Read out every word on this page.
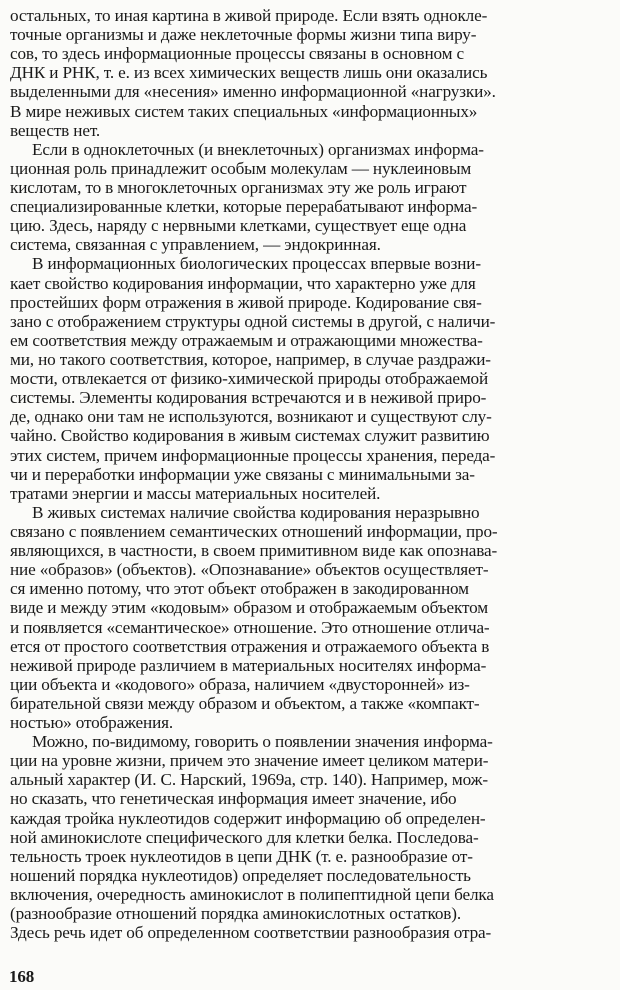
остальных, то иная картина в живой природе. Если взять однокле-
точные организмы и даже неклеточные формы жизни типа виру-
сов, то здесь информационные процессы связаны в основном с
ДНК и РНК, т. е. из всех химических веществ лишь они оказались
выделенными для «несения» именно информационной «нагрузки».
В мире неживых систем таких специальных «информационных»
веществ нет.
Если в одноклеточных (и внеклеточных) организмах информа-
ционная роль принадлежит особым молекулам — нуклеиновым
кислотам, то в многоклеточных организмах эту же роль играют
специализированные клетки, которые перерабатывают информа-
цию. Здесь, наряду с нервными клетками, существует еще одна
система, связанная с управлением, — эндокринная.
В информационных биологических процессах впервые возни-
кает свойство кодирования информации, что характерно уже для
простейших форм отражения в живой природе. Кодирование свя-
зано с отображением структуры одной системы в другой, с наличи-
ем соответствия между отражаемым и отражающими множества-
ми, но такого соответствия, которое, например, в случае раздражи-
мости, отвлекается от физико-химической природы отображаемой
системы. Элементы кодирования встречаются и в неживой приро-
де, однако они там не используются, возникают и существуют слу-
чайно. Свойство кодирования в живым системах служит развитию
этих систем, причем информационные процессы хранения, переда-
чи и переработки информации уже связаны с минимальными за-
тратами энергии и массы материальных носителей.
В живых системах наличие свойства кодирования неразрывно
связано с появлением семантических отношений информации, про-
являющихся, в частности, в своем примитивном виде как опознава-
ние «образов» (объектов). «Опознавание» объектов осуществляет-
ся именно потому, что этот объект отображен в закодированном
виде и между этим «кодовым» образом и отображаемым объектом
и появляется «семантическое» отношение. Это отношение отлича-
ется от простого соответствия отражения и отражаемого объекта в
неживой природе различием в материальных носителях информа-
ции объекта и «кодового» образа, наличием «двусторонней» из-
бирательной связи между образом и объектом, а также «компакт-
ностью» отображения.
Можно, по-видимому, говорить о появлении значения информа-
ции на уровне жизни, причем это значение имеет целиком матери-
альный характер (И. С. Нарский, 1969а, стр. 140). Например, мож-
но сказать, что генетическая информация имеет значение, ибо
каждая тройка нуклеотидов содержит информацию об определен-
ной аминокислоте специфического для клетки белка. Последова-
тельность троек нуклеотидов в цепи ДНК (т. е. разнообразие от-
ношений порядка нуклеотидов) определяет последовательность
включения, очередность аминокислот в полипептидной цепи белка
(разнообразие отношений порядка аминокислотных остатков).
Здесь речь идет об определенном соответствии разнообразия отра-
168
